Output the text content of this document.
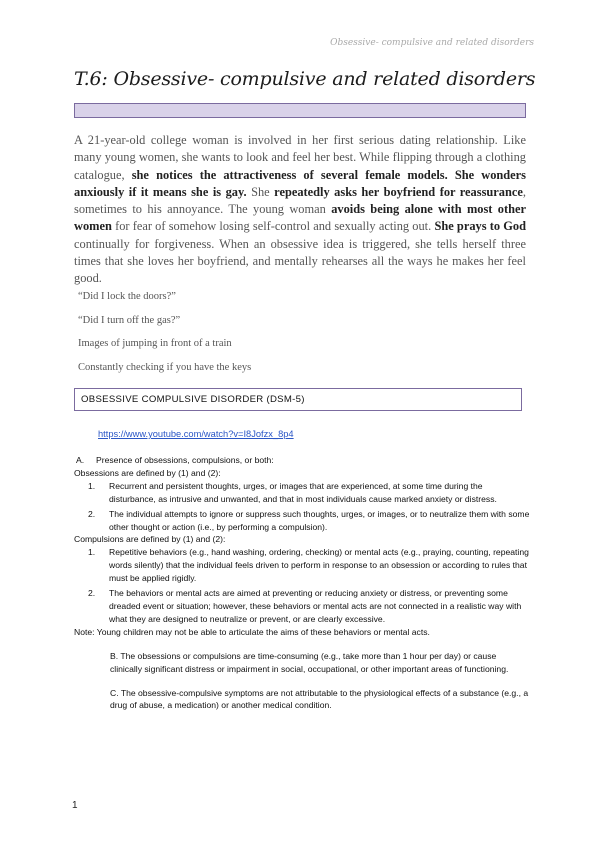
Obsessive- compulsive and related disorders
T.6: Obsessive- compulsive and related disorders
A 21-year-old college woman is involved in her first serious dating relationship. Like many young women, she wants to look and feel her best. While flipping through a clothing catalogue, she notices the attractiveness of several female models. She wonders anxiously if it means she is gay. She repeatedly asks her boyfriend for reassurance, sometimes to his annoyance. The young woman avoids being alone with most other women for fear of somehow losing self-control and sexually acting out. She prays to God continually for forgiveness. When an obsessive idea is triggered, she tells herself three times that she loves her boyfriend, and mentally rehearses all the ways he makes her feel good.
“Did I lock the doors?”
“Did I turn off the gas?”
Images of jumping in front of a train
Constantly checking if you have the keys
OBSESSIVE COMPULSIVE DISORDER (DSM-5)
https://www.youtube.com/watch?v=I8Jofzx_8p4
A. Presence of obsessions, compulsions, or both:
Obsessions are defined by (1) and (2):
1. Recurrent and persistent thoughts, urges, or images that are experienced, at some time during the disturbance, as intrusive and unwanted, and that in most individuals cause marked anxiety or distress.
2. The individual attempts to ignore or suppress such thoughts, urges, or images, or to neutralize them with some other thought or action (i.e., by performing a compulsion).
Compulsions are defined by (1) and (2):
1. Repetitive behaviors (e.g., hand washing, ordering, checking) or mental acts (e.g., praying, counting, repeating words silently) that the individual feels driven to perform in response to an obsession or according to rules that must be applied rigidly.
2. The behaviors or mental acts are aimed at preventing or reducing anxiety or distress, or preventing some dreaded event or situation; however, these behaviors or mental acts are not connected in a realistic way with what they are designed to neutralize or prevent, or are clearly excessive.
Note: Young children may not be able to articulate the aims of these behaviors or mental acts.
B. The obsessions or compulsions are time-consuming (e.g., take more than 1 hour per day) or cause clinically significant distress or impairment in social, occupational, or other important areas of functioning.
C. The obsessive-compulsive symptoms are not attributable to the physiological effects of a substance (e.g., a drug of abuse, a medication) or another medical condition.
1
